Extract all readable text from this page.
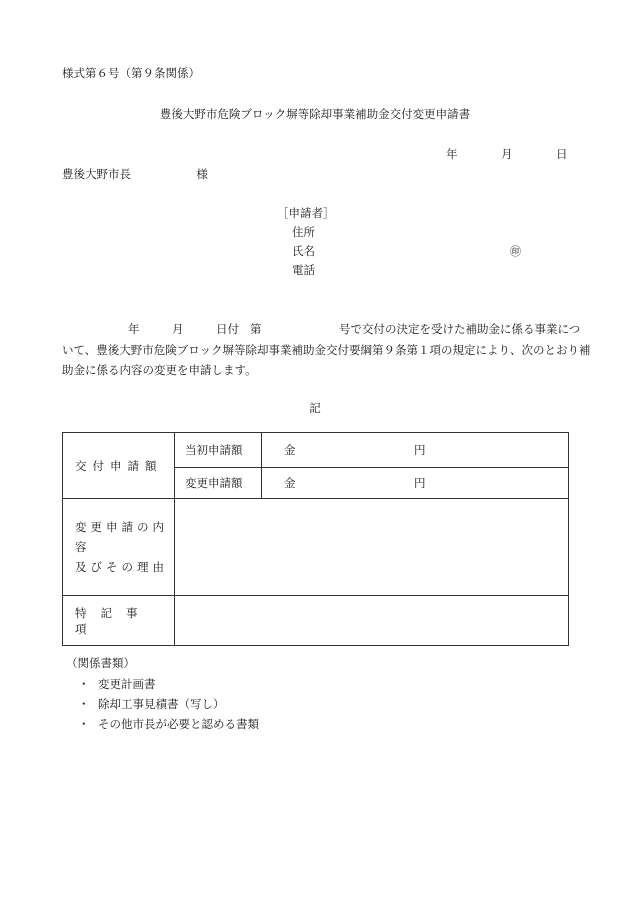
様式第６号（第９条関係）
豊後大野市危険ブロック塀等除却事業補助金交付変更申請書
年	月	日
豊後大野市長	様
［申請者］
住所
氏名	㊞
電話
年	月	日付 第	号で交付の決定を受けた補助金に係る事業につ
いて、豊後大野市危険ブロック塀等除却事業補助金交付要綱第９条第１項の規定により、次のとおり補
助金に係る内容の変更を申請します。
記
交付申請額	当初申請額	金 円

	変更申請額	金 円

変更申請の内容
及びその理由		

特記事項		
（関係書類）
・ 変更計画書
・ 除却工事見積書（写し）
・ その他市長が必要と認める書類
